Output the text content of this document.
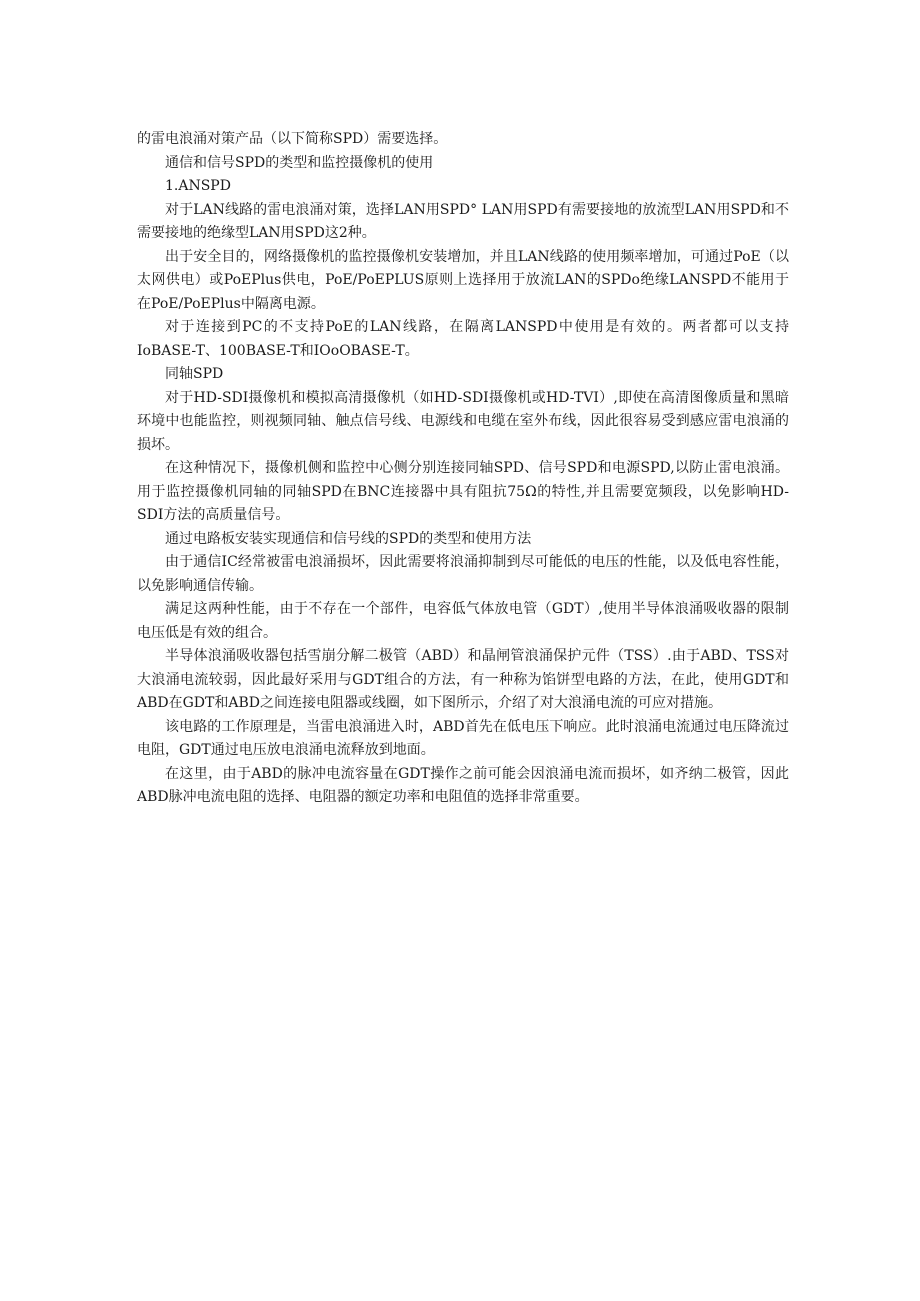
的雷电浪涌对策产品（以下简称SPD）需要选择。

通信和信号SPD的类型和监控摄像机的使用

1.ANSPD

对于LAN线路的雷电浪涌对策，选择LAN用SPD° LAN用SPD有需要接地的放流型LAN用SPD和不需要接地的绝缘型LAN用SPD这2种。

出于安全目的，网络摄像机的监控摄像机安装增加，并且LAN线路的使用频率增加，可通过PoE（以太网供电）或PoEPlus供电，PoE/PoEPLUS原则上选择用于放流LAN的SPDo绝缘LANSPD不能用于在PoE/PoEPlus中隔离电源。

对于连接到PC的不支持PoE的LAN线路，在隔离LANSPD中使用是有效的。两者都可以支持IoBASE-T、100BASE-T和IOoOBASE-T。

同轴SPD

对于HD-SDI摄像机和模拟高清摄像机（如HD-SDI摄像机或HD-TVI）,即使在高清图像质量和黑暗环境中也能监控，则视频同轴、触点信号线、电源线和电缆在室外布线，因此很容易受到感应雷电浪涌的损坏。

在这种情况下，摄像机侧和监控中心侧分别连接同轴SPD、信号SPD和电源SPD,以防止雷电浪涌。用于监控摄像机同轴的同轴SPD在BNC连接器中具有阻抗75Ω的特性,并且需要宽频段，以免影响HD-SDI方法的高质量信号。

通过电路板安装实现通信和信号线的SPD的类型和使用方法

由于通信IC经常被雷电浪涌损坏，因此需要将浪涌抑制到尽可能低的电压的性能，以及低电容性能，以免影响通信传输。

满足这两种性能，由于不存在一个部件，电容低气体放电管（GDT）,使用半导体浪涌吸收器的限制电压低是有效的组合。

半导体浪涌吸收器包括雪崩分解二极管（ABD）和晶闸管浪涌保护元件（TSS）.由于ABD、TSS对大浪涌电流较弱，因此最好采用与GDT组合的方法，有一种称为馅饼型电路的方法，在此，使用GDT和ABD在GDT和ABD之间连接电阻器或线圈，如下图所示，介绍了对大浪涌电流的可应对措施。

该电路的工作原理是，当雷电浪涌进入时，ABD首先在低电压下响应。此时浪涌电流通过电压降流过电阻，GDT通过电压放电浪涌电流释放到地面。

在这里，由于ABD的脉冲电流容量在GDT操作之前可能会因浪涌电流而损坏，如齐纳二极管，因此ABD脉冲电流电阻的选择、电阻器的额定功率和电阻值的选择非常重要。
